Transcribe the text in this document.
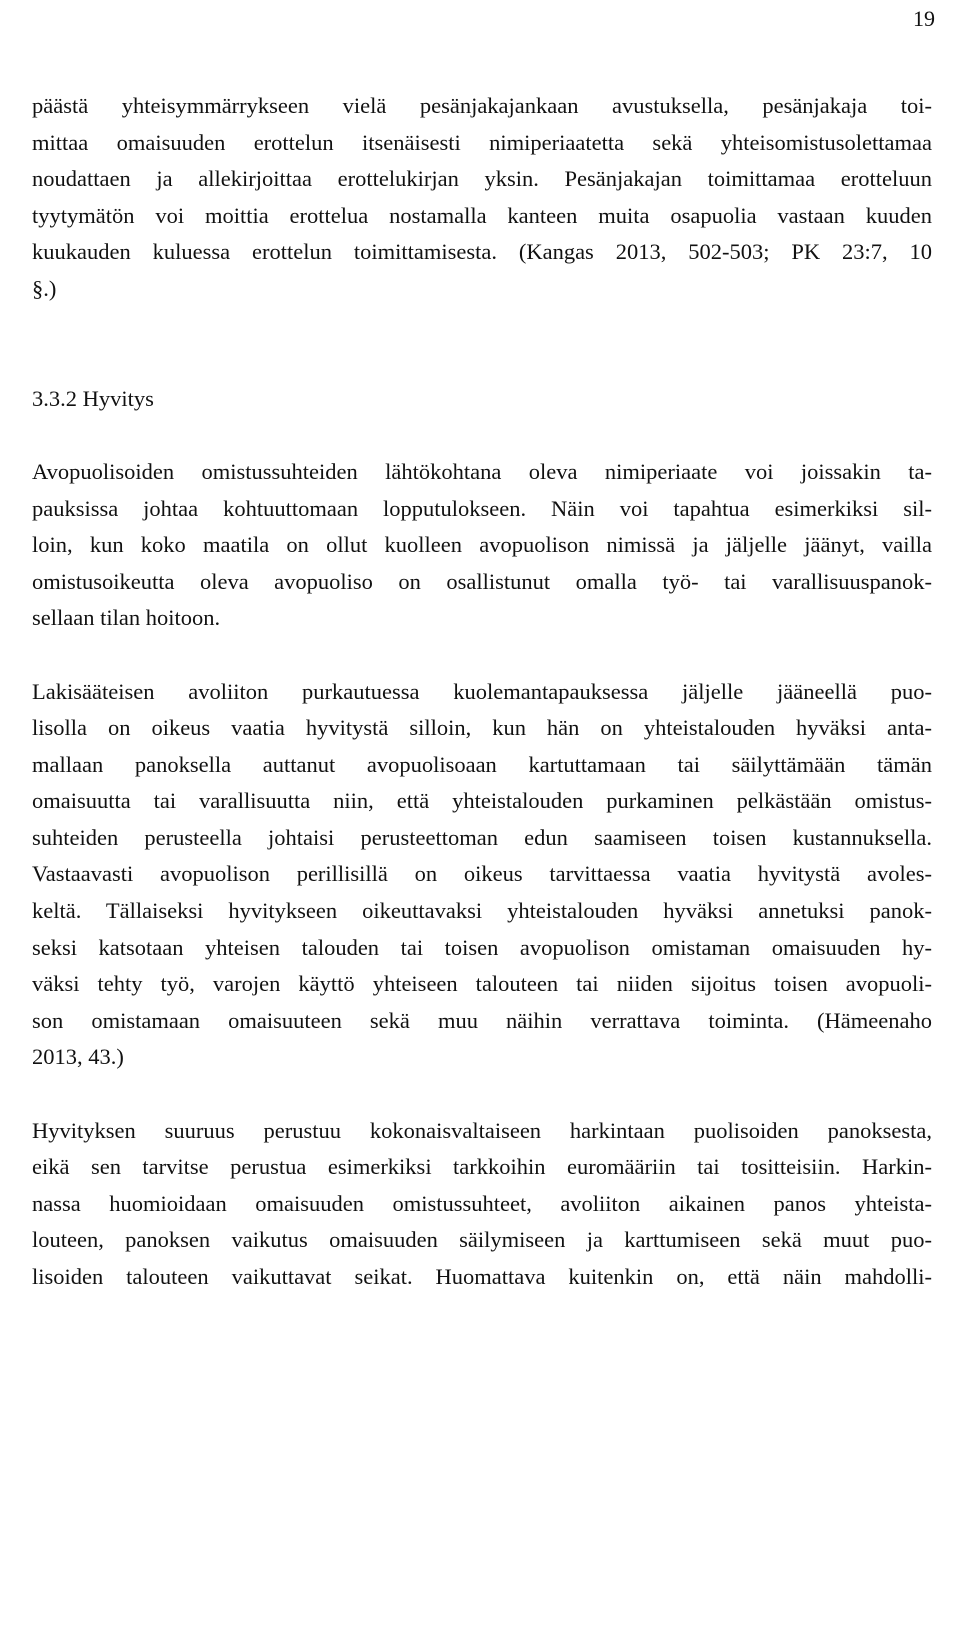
19
päästä yhteisymmärrykseen vielä pesänjakajankaan avustuksella, pesänjakaja toi-
mittaa omaisuuden erottelun itsenäisesti nimiperiaatetta sekä yhteisomistusolettamaa
noudattaen ja allekirjoittaa erottelukirjan yksin. Pesänjakajan toimittamaa erotteluun
tyytymätön voi moittia erottelua nostamalla kanteen muita osapuolia vastaan kuuden
kuukauden kuluessa erottelun toimittamisesta. (Kangas 2013, 502-503; PK 23:7, 10
§.)
3.3.2 Hyvitys
Avopuolisoiden omistussuhteiden lähtökohtana oleva nimiperiaate voi joissakin ta-
pauksissa johtaa kohtuuttomaan lopputulokseen. Näin voi tapahtua esimerkiksi sil-
loin, kun koko maatila on ollut kuolleen avopuolison nimissä ja jäljelle jäänyt, vailla
omistusoikeutta oleva avopuoliso on osallistunut omalla työ- tai varallisuuspanok-
sellaan tilan hoitoon.
Lakisääteisen avoliiton purkautuessa kuolemantapauksessa jäljelle jääneellä puo-
lisolla on oikeus vaatia hyvitystä silloin, kun hän on yhteistalouden hyväksi anta-
mallaan panoksella auttanut avopuolisoaan kartuttamaan tai säilyttämään tämän
omaisuutta tai varallisuutta niin, että yhteistalouden purkaminen pelkästään omistus-
suhteiden perusteella johtaisi perusteettoman edun saamiseen toisen kustannuksella.
Vastaavasti avopuolison perillisillä on oikeus tarvittaessa vaatia hyvitystä avoles-
keltä. Tällaiseksi hyvitykseen oikeuttavaksi yhteistalouden hyväksi annetuksi panok-
seksi katsotaan yhteisen talouden tai toisen avopuolison omistaman omaisuuden hy-
väksi tehty työ, varojen käyttö yhteiseen talouteen tai niiden sijoitus toisen avopuoli-
son omistamaan omaisuuteen sekä muu näihin verrattava toiminta. (Hämeenaho
2013, 43.)
Hyvityksen suuruus perustuu kokonaisvaltaiseen harkintaan puolisoiden panoksesta,
eikä sen tarvitse perustua esimerkiksi tarkkoihin euromääriin tai tositteisiin. Harkin-
nassa huomioidaan omaisuuden omistussuhteet, avoliiton aikainen panos yhteista-
louteen, panoksen vaikutus omaisuuden säilymiseen ja karttumiseen sekä muut puo-
lisoiden talouteen vaikuttavat seikat. Huomattava kuitenkin on, että näin mahdolli-
